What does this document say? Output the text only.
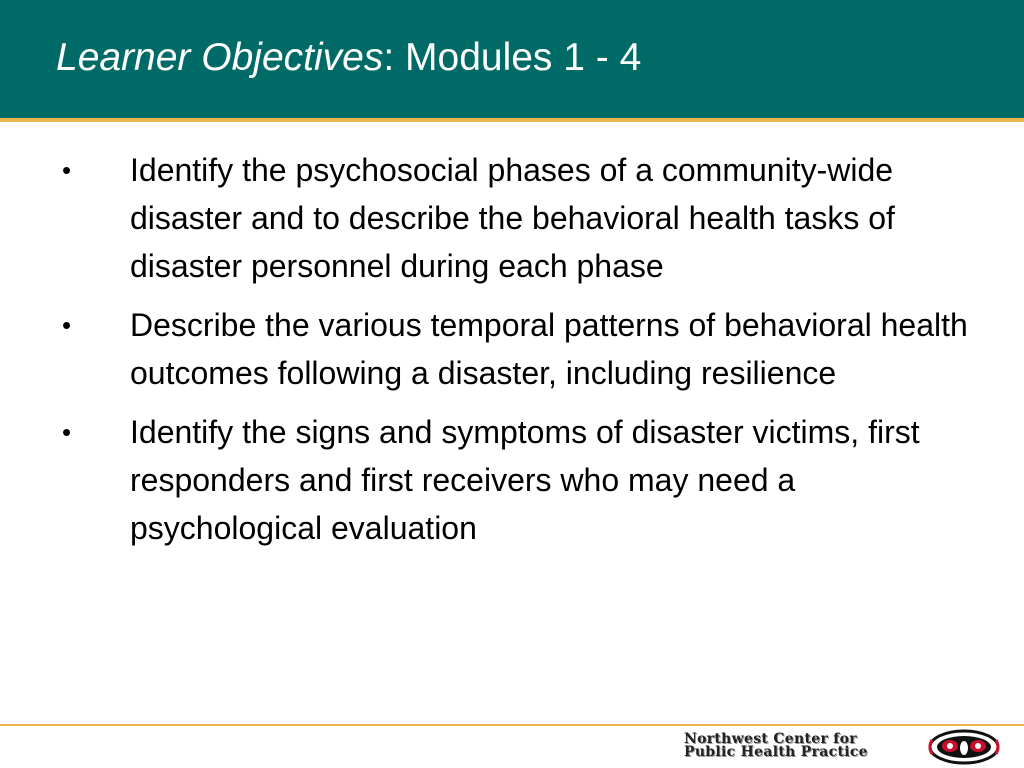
Learner Objectives: Modules 1 - 4
• Identify the psychosocial phases of a community-wide disaster and to describe the behavioral health tasks of disaster personnel during each phase
• Describe the various temporal patterns of behavioral health outcomes following a disaster, including resilience
• Identify the signs and symptoms of disaster victims, first responders and first receivers who may need a psychological evaluation
Northwest Center for
Public Health Practice
